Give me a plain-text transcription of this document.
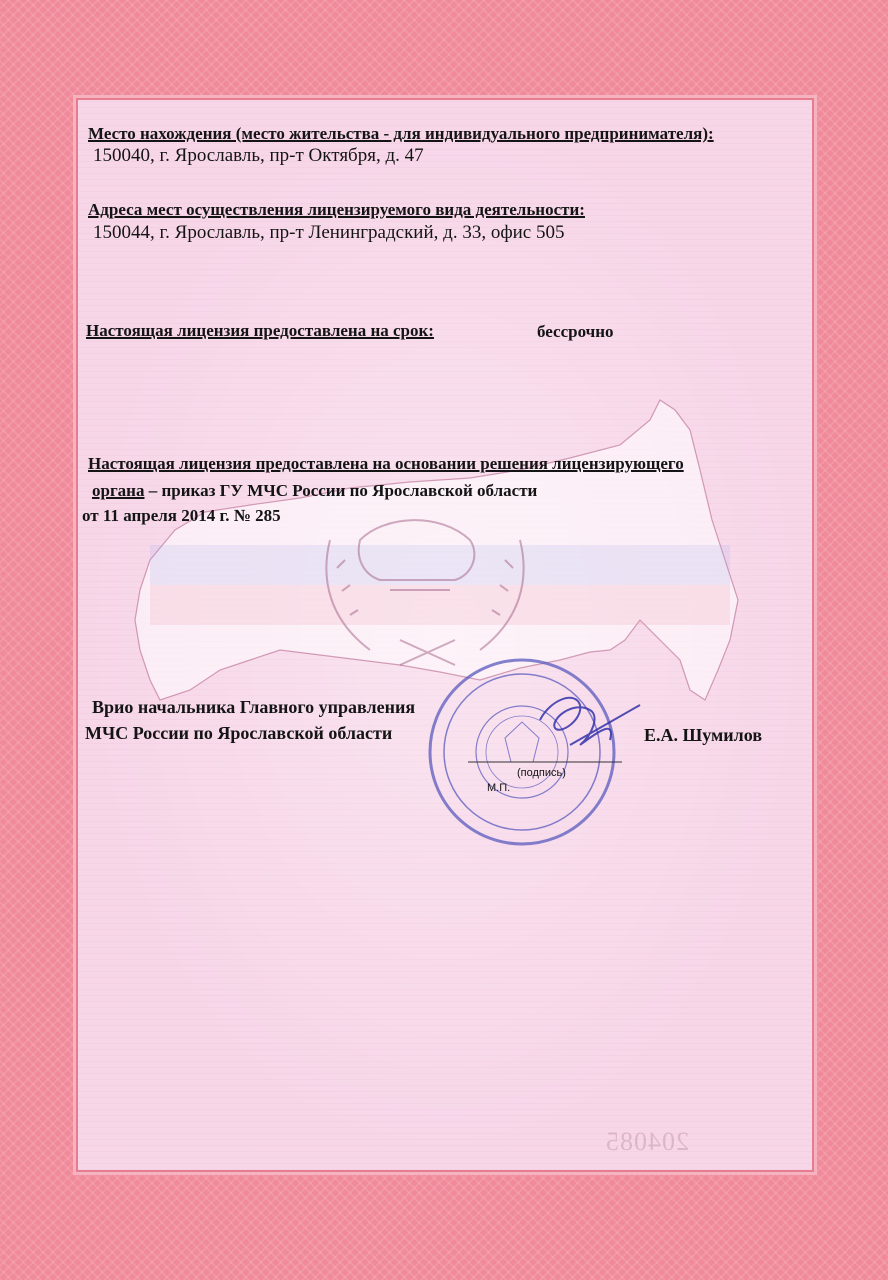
Место нахождения (место жительства - для индивидуального предпринимателя):
150040, г. Ярославль, пр-т Октября, д. 47
Адреса мест осуществления лицензируемого вида деятельности:
150044, г. Ярославль, пр-т Ленинградский, д. 33, офис 505
Настоящая лицензия предоставлена на срок:	бессрочно
Настоящая лицензия предоставлена на основании решения лицензирующего
органа – приказ ГУ МЧС России по Ярославской области
от 11 апреля 2014 г. № 285
Врио начальника Главного управления
МЧС России по Ярославской области	Е.А. Шумилов
(подпись)
М.П.
204085
